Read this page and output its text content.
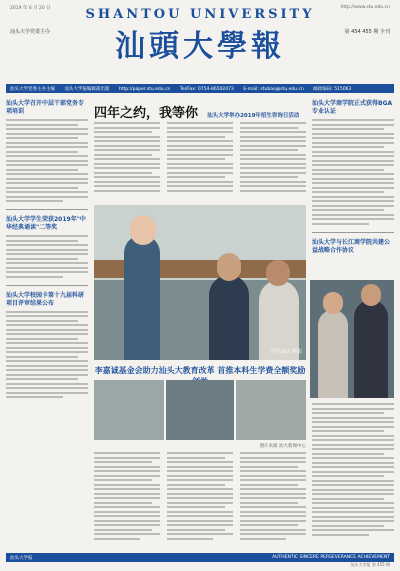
2019 年 6 月 20 日	http://www.stu.edu.cn
SHANTOU UNIVERSITY
汕頭大學報
汕头大学党委主办	第 454 455 期 全刊
汕头大学党委主办主编 汕头大学报编辑部出版 http://paper.stu.edu.cn Tel/Fax: 0754-86502473 E-mail: stubao@stu.edu.cn 邮政编码: 515063
汕头大学召开中层干部党务专项培训
汕头大学学生荣获2019年"中华经典诵读"二等奖
汕头大学校园卡第十九届科研项目评审结果公布
四年之约，我等你 汕头大学举办2019年招生咨询日活动
学生活动 摄影
李嘉诚基金会助力汕头大教育改革 首推本科生学费全额奖励
图片来源 汕大新闻中心
汕头大学商学院正式获得BGA专业认证
汕头大学与长江商学院共建公益战略合作协议
汕头大学报	AUTHENTIC SINCERE PERSEVERANCE ACHIEVEMENT
汕头大学报 第 455 期
